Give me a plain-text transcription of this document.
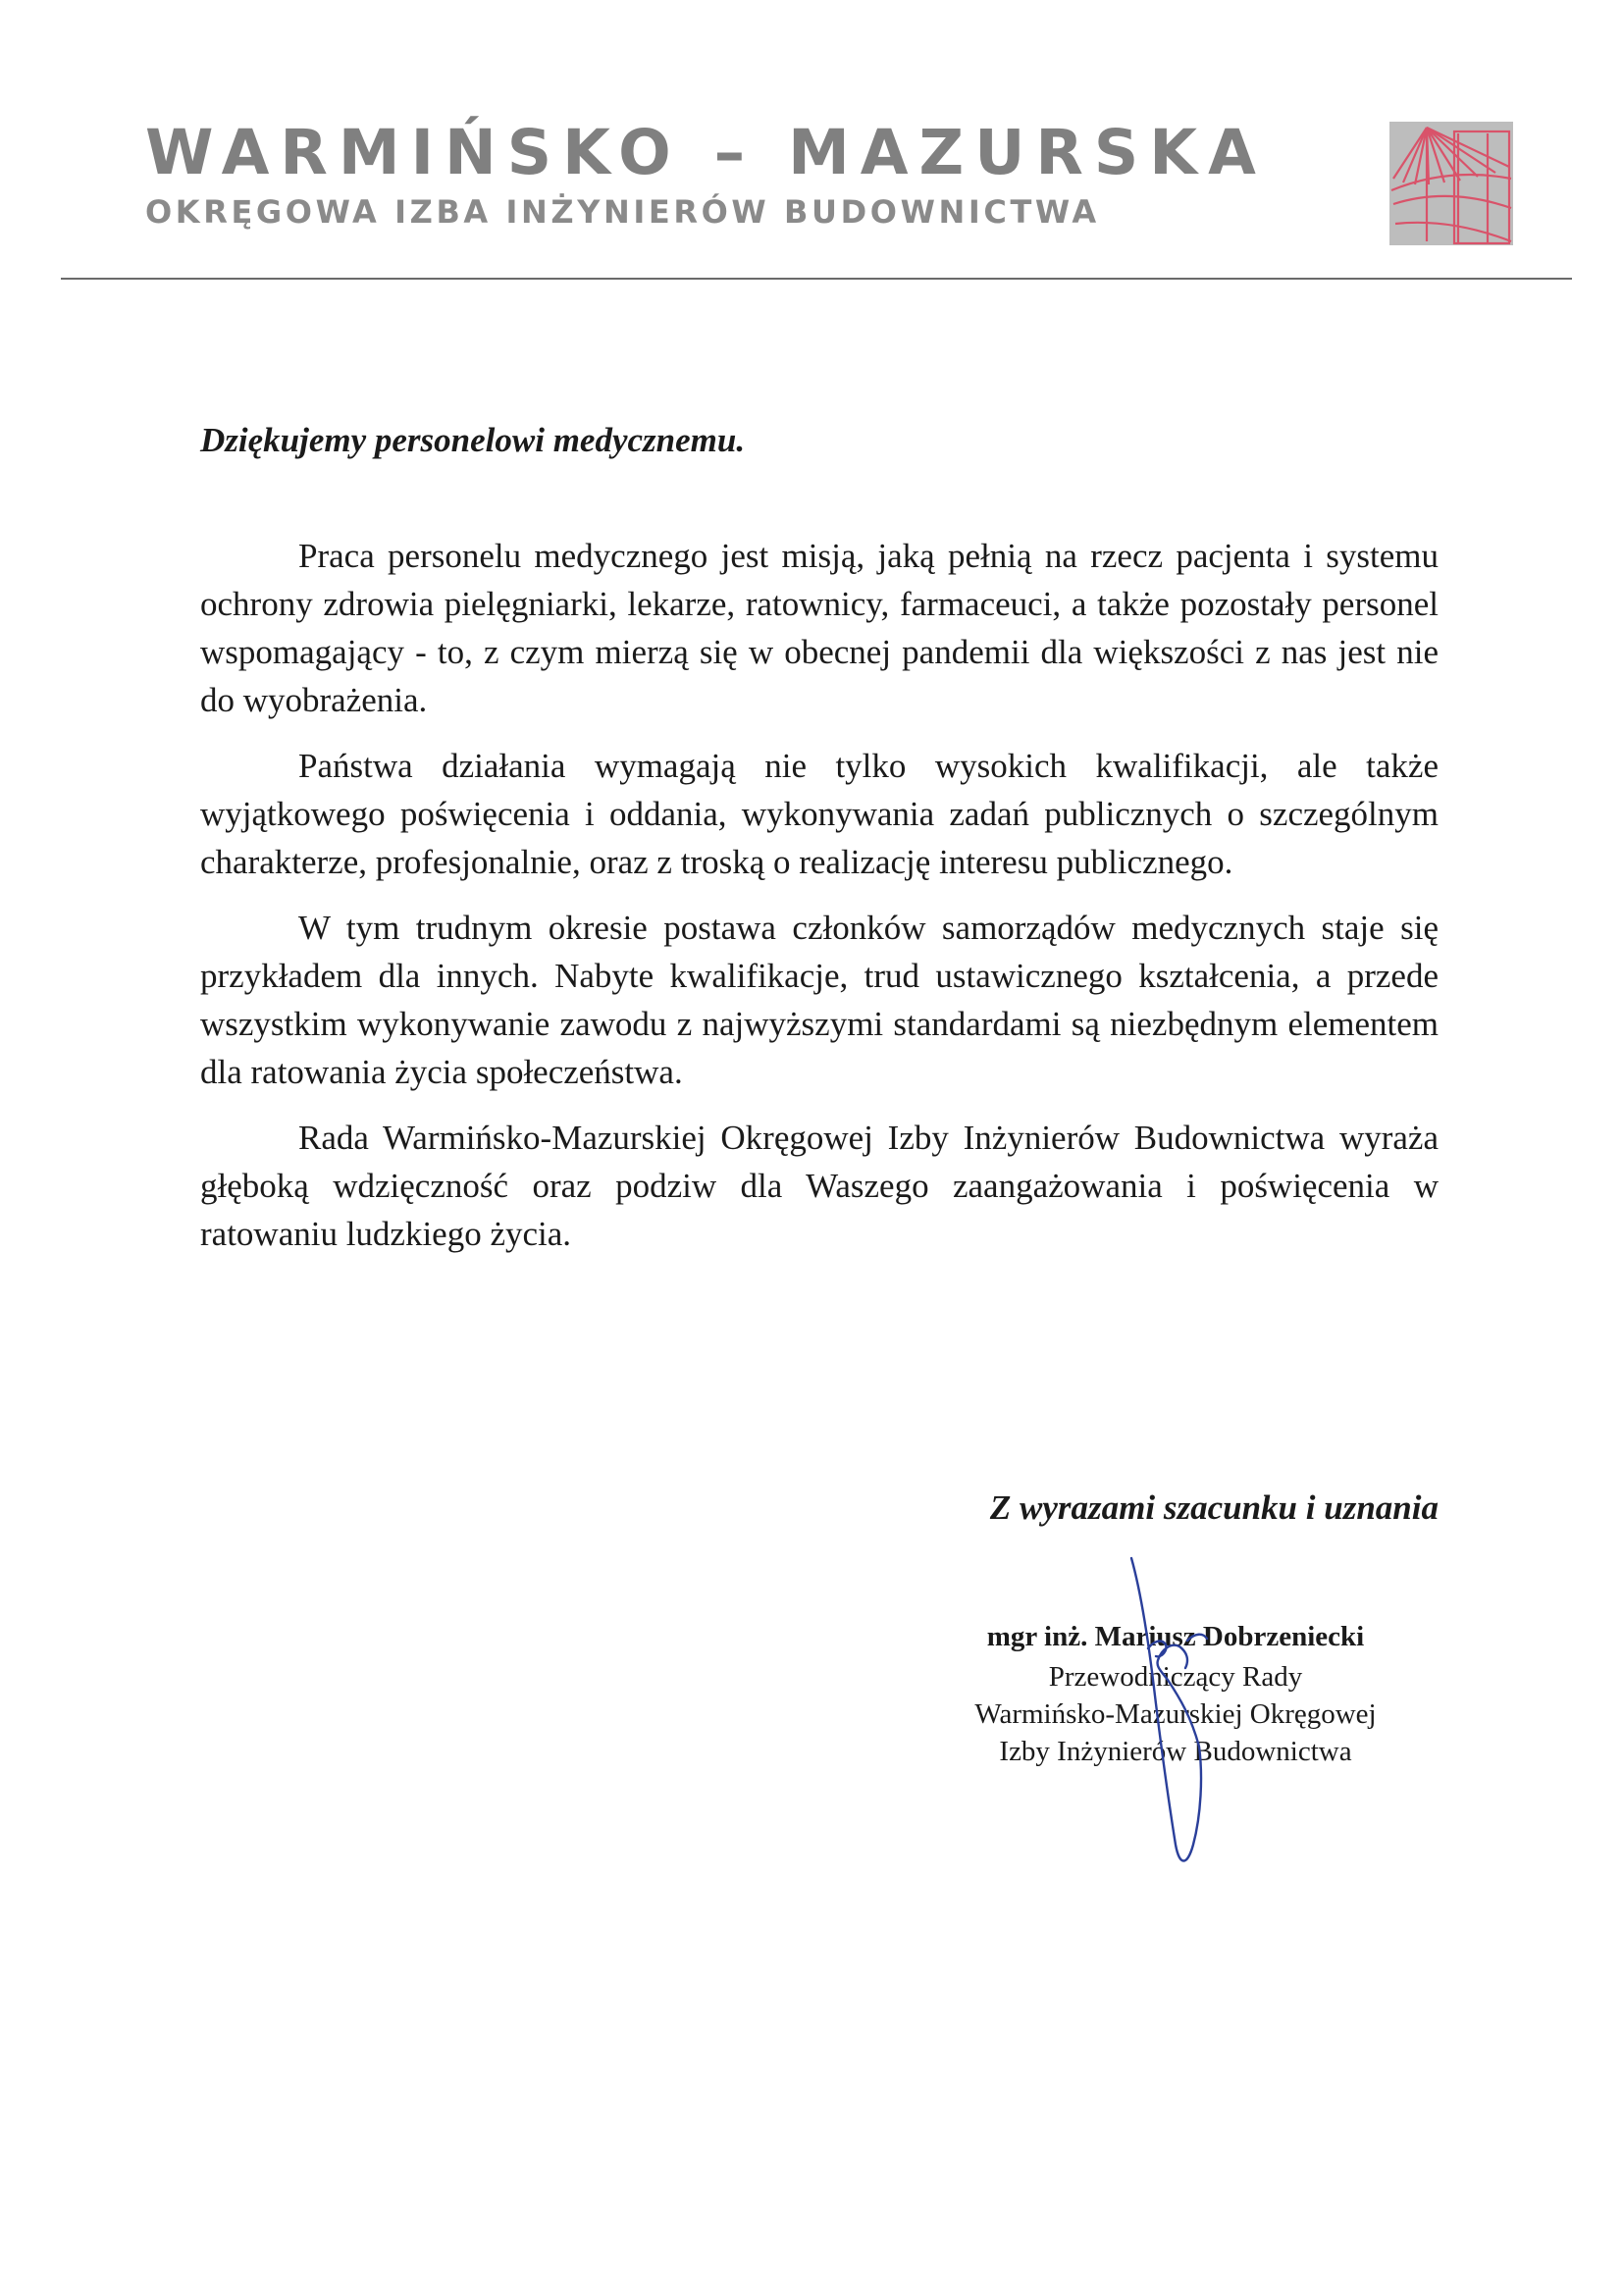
WARMIŃSKO – MAZURSKA
OKRĘGOWA IZBA INŻYNIERÓW BUDOWNICTWA

Dziękujemy personelowi medycznemu.

Praca personelu medycznego jest misją, jaką pełnią na rzecz pacjenta i systemu ochrony zdrowia pielęgniarki, lekarze, ratownicy, farmaceuci, a także pozostały personel wspomagający - to, z czym mierzą się w obecnej pandemii dla większości z nas jest nie do wyobrażenia.

Państwa działania wymagają nie tylko wysokich kwalifikacji, ale także wyjątkowego poświęcenia i oddania, wykonywania zadań publicznych o szczególnym charakterze, profesjonalnie, oraz z troską o realizację interesu publicznego.

W tym trudnym okresie postawa członków samorządów medycznych staje się przykładem dla innych. Nabyte kwalifikacje, trud ustawicznego kształcenia, a przede wszystkim wykonywanie zawodu z najwyższymi standardami są niezbędnym elementem dla ratowania życia społeczeństwa.

Rada Warmińsko-Mazurskiej Okręgowej Izby Inżynierów Budownictwa wyraża głęboką wdzięczność oraz podziw dla Waszego zaangażowania i poświęcenia w ratowaniu ludzkiego życia.

Z wyrazami szacunku i uznania
mgr inż. Mariusz Dobrzeniecki
Przewodniczący Rady
Warmińsko-Mazurskiej Okręgowej
Izby Inżynierów Budownictwa
